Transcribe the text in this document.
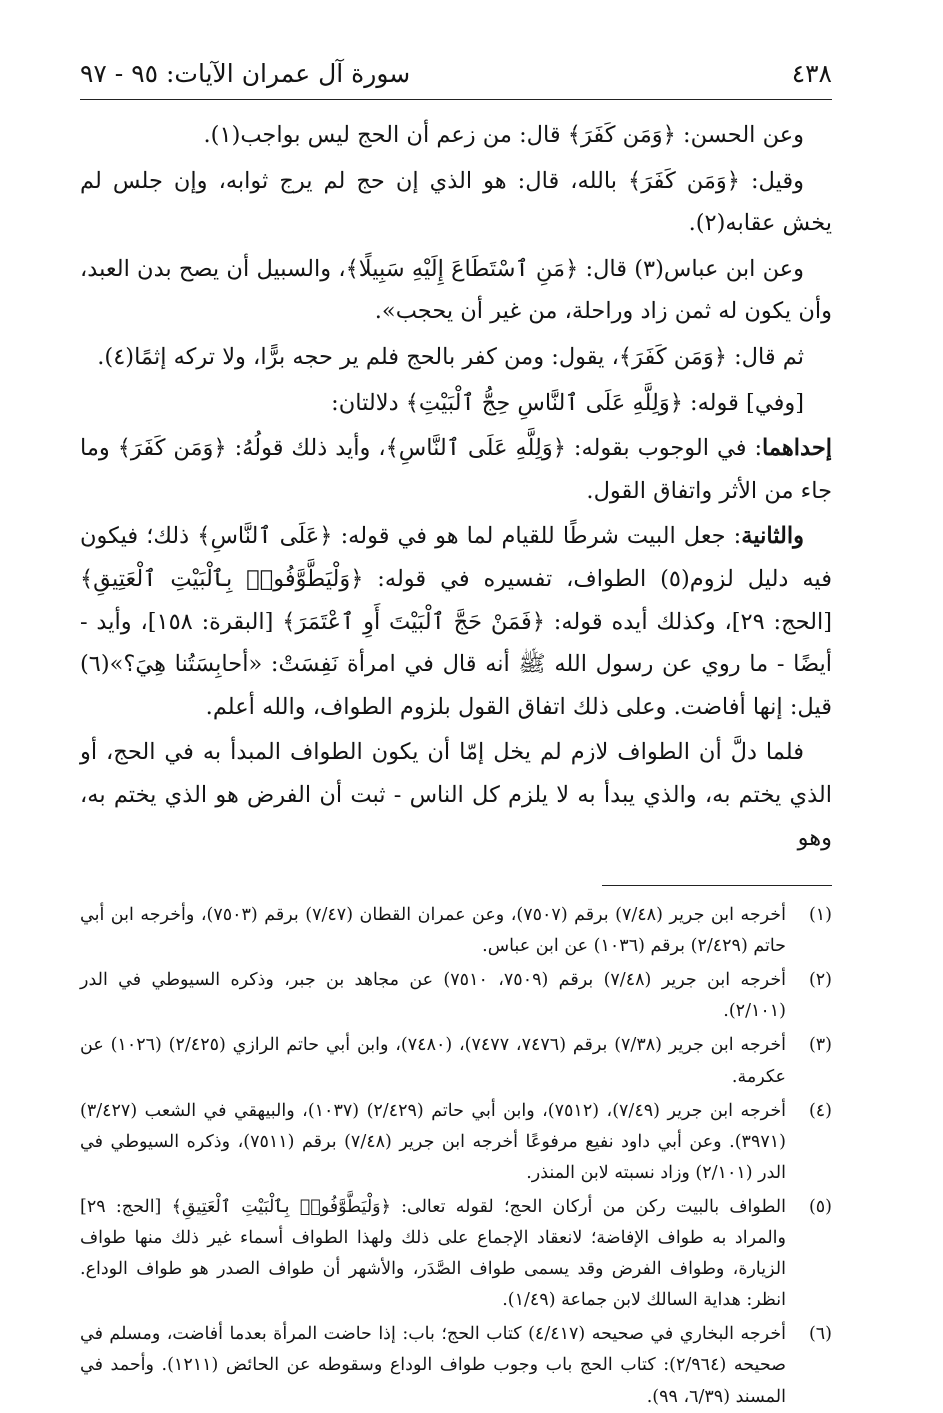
٤٣٨
سورة آل عمران الآيات: ٩٥ - ٩٧

وعن الحسن: ﴿وَمَن كَفَرَ﴾ قال: من زعم أن الحج ليس بواجب(١).

وقيل: ﴿وَمَن كَفَرَ﴾ بالله، قال: هو الذي إن حج لم يرج ثوابه، وإن جلس لم يخش عقابه(٢).

وعن ابن عباس(٣) قال: ﴿مَنِ ٱسْتَطَاعَ إِلَيْهِ سَبِيلًا﴾، والسبيل أن يصح بدن العبد، وأن يكون له ثمن زاد وراحلة، من غير أن يحجب».

ثم قال: ﴿وَمَن كَفَرَ﴾، يقول: ومن كفر بالحج فلم ير حجه برًّا، ولا تركه إثمًا(٤).

[وفي] قوله: ﴿وَلِلَّهِ عَلَى ٱلنَّاسِ حِجُّ ٱلْبَيْتِ﴾ دلالتان:

إحداهما: في الوجوب بقوله: ﴿وَلِلَّهِ عَلَى ٱلنَّاسِ﴾، وأيد ذلك قولُهُ: ﴿وَمَن كَفَرَ﴾ وما جاء من الأثر واتفاق القول.

والثانية: جعل البيت شرطًا للقيام لما هو في قوله: ﴿عَلَى ٱلنَّاسِ﴾ ذلك؛ فيكون فيه دليل لزوم(٥) الطواف، تفسيره في قوله: ﴿وَلْيَطَّوَّفُوا۟ بِٱلْبَيْتِ ٱلْعَتِيقِ﴾ [الحج: ٢٩]، وكذلك أيده قوله: ﴿فَمَنْ حَجَّ ٱلْبَيْتَ أَوِ ٱعْتَمَرَ﴾ [البقرة: ١٥٨]، وأيد - أيضًا - ما روي عن رسول الله ﷺ أنه قال في امرأة نَفِسَتْ: «أحابِسَتُنا هِيَ؟»(٦) قيل: إنها أفاضت. وعلى ذلك اتفاق القول بلزوم الطواف، والله أعلم.

فلما دلَّ أن الطواف لازم لم يخل إمّا أن يكون الطواف المبدأ به في الحج، أو الذي يختم به، والذي يبدأ به لا يلزم كل الناس - ثبت أن الفرض هو الذي يختم به، وهو

(١)
أخرجه ابن جرير (٧/٤٨) برقم (٧٥٠٧)، وعن عمران القطان (٧/٤٧) برقم (٧٥٠٣)، وأخرجه ابن أبي حاتم (٢/٤٢٩) برقم (١٠٣٦) عن ابن عباس.
(٢)
أخرجه ابن جرير (٧/٤٨) برقم (٧٥٠٩، ٧٥١٠) عن مجاهد بن جبر، وذكره السيوطي في الدر (٢/١٠١).
(٣)
أخرجه ابن جرير (٧/٣٨) برقم (٧٤٧٦، ٧٤٧٧)، (٧٤٨٠)، وابن أبي حاتم الرازي (٢/٤٢٥) (١٠٢٦) عن عكرمة.
(٤)
أخرجه ابن جرير (٧/٤٩)، (٧٥١٢)، وابن أبي حاتم (٢/٤٢٩) (١٠٣٧)، والبيهقي في الشعب (٣/٤٢٧) (٣٩٧١). وعن أبي داود نفيع مرفوعًا أخرجه ابن جرير (٧/٤٨) برقم (٧٥١١)، وذكره السيوطي في الدر (٢/١٠١) وزاد نسبته لابن المنذر.
(٥)
الطواف بالبيت ركن من أركان الحج؛ لقوله تعالى: ﴿وَلْيَطَّوَّفُوا۟ بِٱلْبَيْتِ ٱلْعَتِيقِ﴾ [الحج: ٢٩] والمراد به طواف الإفاضة؛ لانعقاد الإجماع على ذلك ولهذا الطواف أسماء غير ذلك منها طواف الزيارة، وطواف الفرض وقد يسمى طواف الصَّدَر، والأشهر أن طواف الصدر هو طواف الوداع. انظر: هداية السالك لابن جماعة (١/٤٩).
(٦)
أخرجه البخاري في صحيحه (٤/٤١٧) كتاب الحج؛ باب: إذا حاضت المرأة بعدما أفاضت، ومسلم في صحيحه (٢/٩٦٤): كتاب الحج باب وجوب طواف الوداع وسقوطه عن الحائض (١٢١١). وأحمد في المسند (٦/٣٩، ٩٩).
